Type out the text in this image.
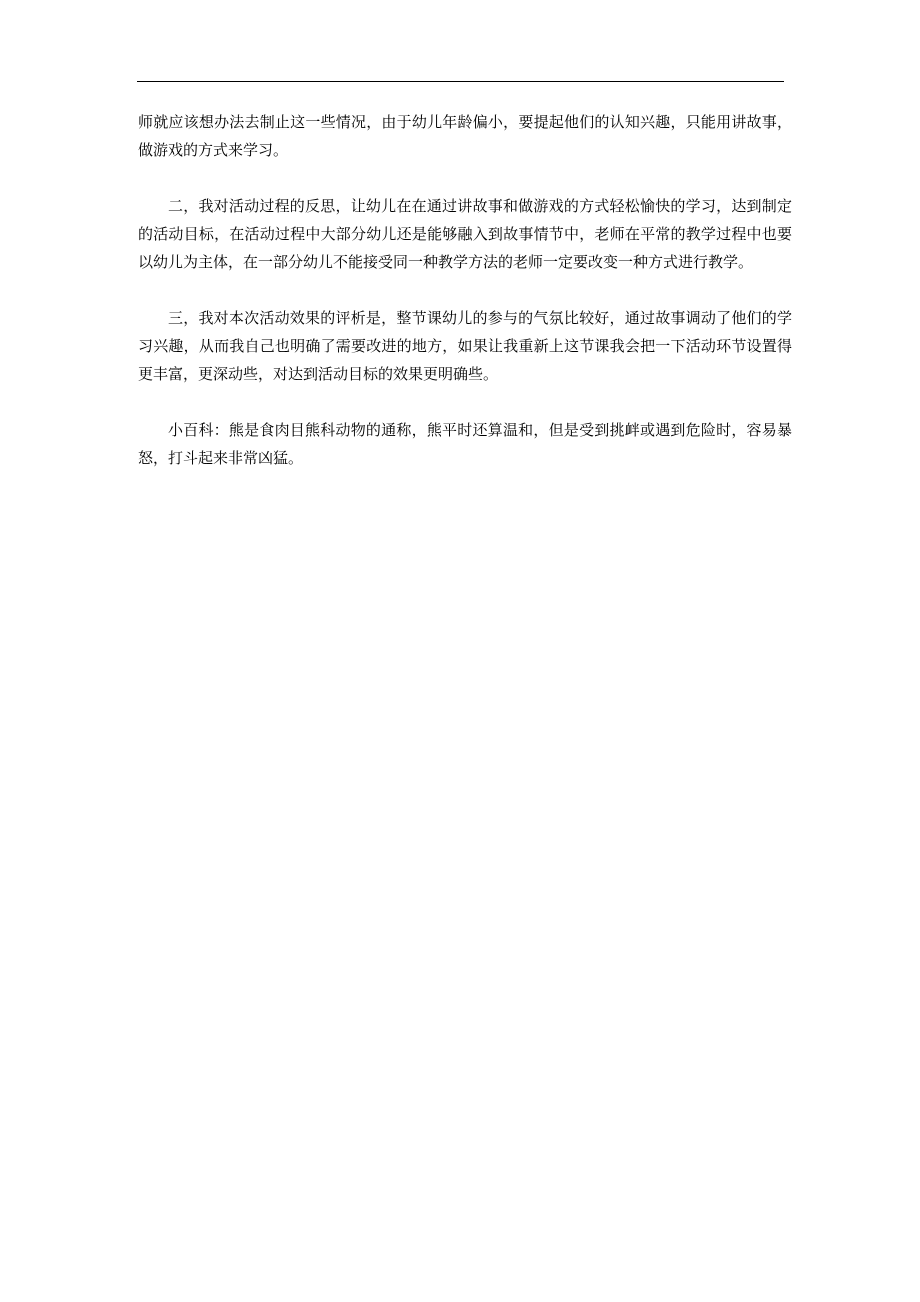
师就应该想办法去制止这一些情况，由于幼儿年龄偏小，要提起他们的认知兴趣，只能用讲故事，做游戏的方式来学习。

二，我对活动过程的反思，让幼儿在在通过讲故事和做游戏的方式轻松愉快的学习，达到制定的活动目标，在活动过程中大部分幼儿还是能够融入到故事情节中，老师在平常的教学过程中也要以幼儿为主体，在一部分幼儿不能接受同一种教学方法的老师一定要改变一种方式进行教学。

三，我对本次活动效果的评析是，整节课幼儿的参与的气氛比较好，通过故事调动了他们的学习兴趣，从而我自己也明确了需要改进的地方，如果让我重新上这节课我会把一下活动环节设置得更丰富，更深动些，对达到活动目标的效果更明确些。

小百科：熊是食肉目熊科动物的通称，熊平时还算温和，但是受到挑衅或遇到危险时，容易暴怒，打斗起来非常凶猛。
